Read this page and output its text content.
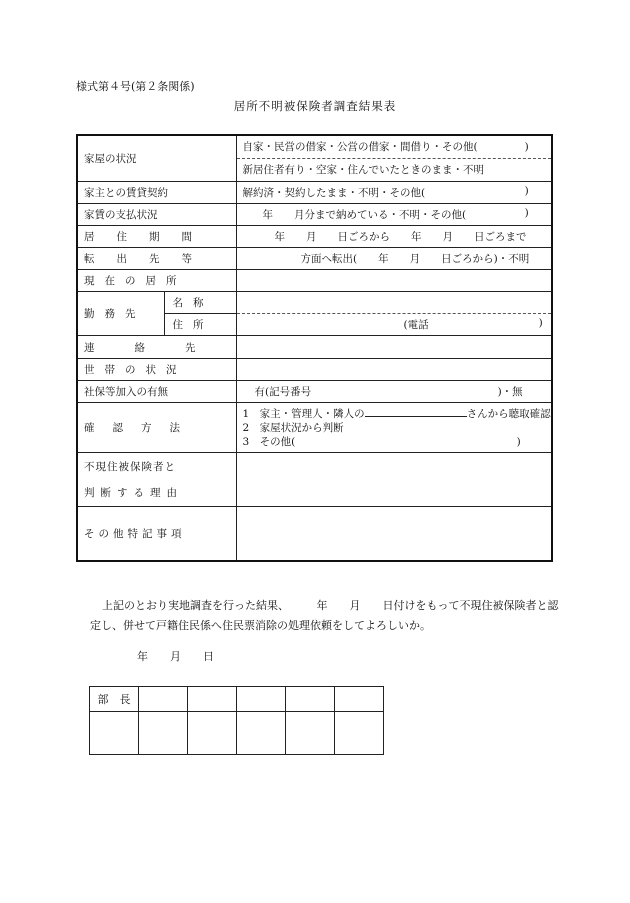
様式第４号(第２条関係)
居所不明被保険者調査結果表
家屋の状況		自家・民営の借家・公営の借家・間借り・その他( )
新居住者有り・空家・住んでいたときのまま・不明

家主との賃貸契約		解約済・契約したまま・不明・その他( )

家賃の支払状況		年　　月分まで納めている・不明・その他( )

居住期間		年　　月　　日ごろから　　年　　月　　日ごろまで
転出先等		方面へ転出(　　年　　月　　日ごろから)・不明
現在の居所		
勤務先	名称	
	住所	(電話 )

連絡先		
世帯の状況		
社保等加入の有無		有(記号番号 )・無

確認方法		1　家主・管理人・隣人の さんから聴取確認
2　家屋状況から判断
3　その他( )

不現住被保険者と
判断する理由		

その他特記事項		
上記のとおり実地調査を行った結果、　　　年　　月　　日付けをもって不現住被保険者と認定し、併せて戸籍住民係へ住民票消除の処理依頼をしてよろしいか。
年　　月　　日
部　長					
